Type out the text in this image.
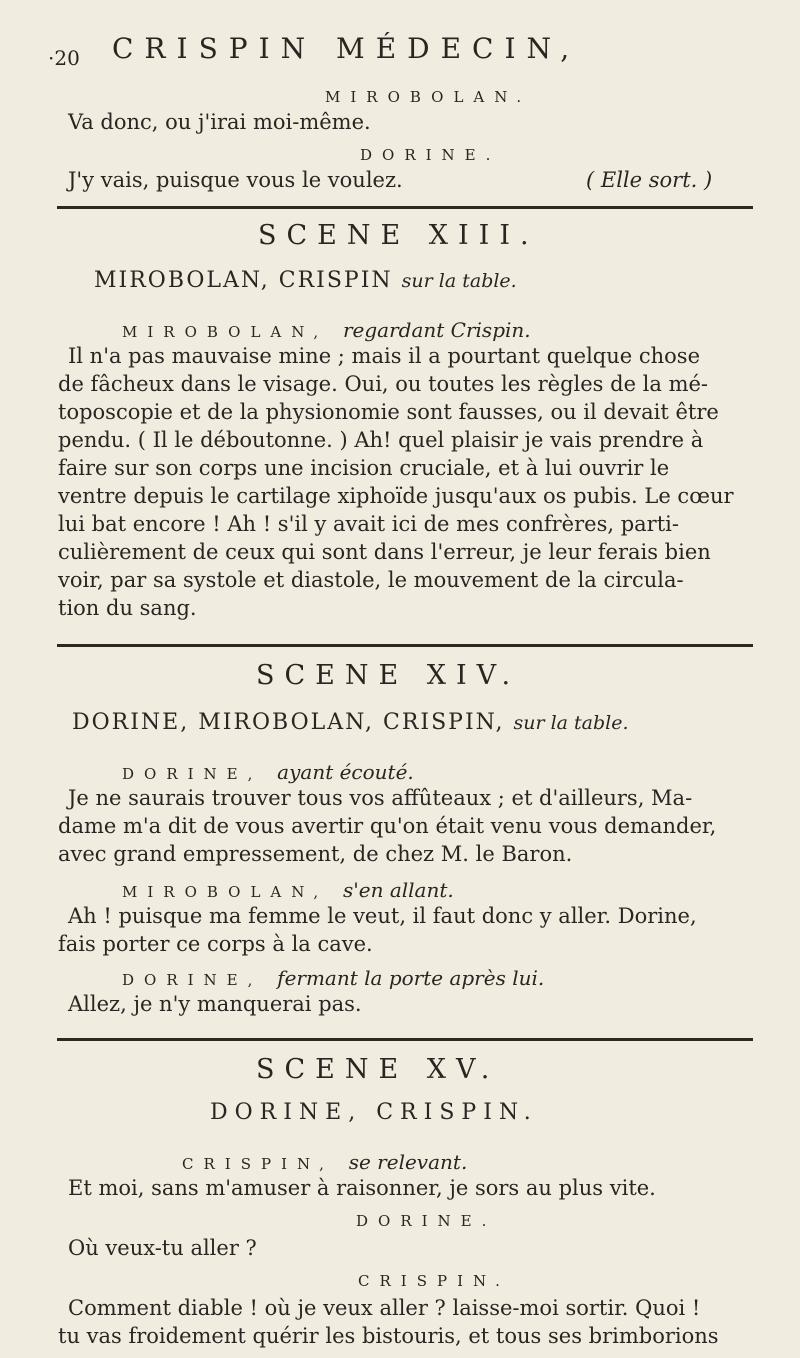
·20 CRISPIN MÉDECIN,
MIROBOLAN.
Va donc, ou j'irai moi-même.
DORINE.
J'y vais, puisque vous le voulez.	( Elle sort. )
SCENE XIII.
MIROBOLAN, CRISPIN sur la table.
MIROBOLAN, regardant Crispin.
Il n'a pas mauvaise mine ; mais il a pourtant quelque chose
de fâcheux dans le visage. Oui, ou toutes les règles de la mé-
toposcopie et de la physionomie sont fausses, ou il devait être
pendu. ( Il le déboutonne. ) Ah! quel plaisir je vais prendre à
faire sur son corps une incision cruciale, et à lui ouvrir le
ventre depuis le cartilage xiphoïde jusqu'aux os pubis. Le cœur
lui bat encore ! Ah ! s'il y avait ici de mes confrères, parti-
culièrement de ceux qui sont dans l'erreur, je leur ferais bien
voir, par sa systole et diastole, le mouvement de la circula-
tion du sang.
SCENE XIV.
DORINE, MIROBOLAN, CRISPIN, sur la table.
DORINE, ayant écouté.
Je ne saurais trouver tous vos affûteaux ; et d'ailleurs, Ma-
dame m'a dit de vous avertir qu'on était venu vous demander,
avec grand empressement, de chez M. le Baron.
MIROBOLAN, s'en allant.
Ah ! puisque ma femme le veut, il faut donc y aller. Dorine,
fais porter ce corps à la cave.
DORINE, fermant la porte après lui.
Allez, je n'y manquerai pas.
SCENE XV.
DORINE, CRISPIN.
CRISPIN, se relevant.
Et moi, sans m'amuser à raisonner, je sors au plus vite.
DORINE.
Où veux-tu aller ?
CRISPIN.
Comment diable ! où je veux aller ? laisse-moi sortir. Quoi !
tu vas froidement quérir les bistouris, et tous ses brimborions
